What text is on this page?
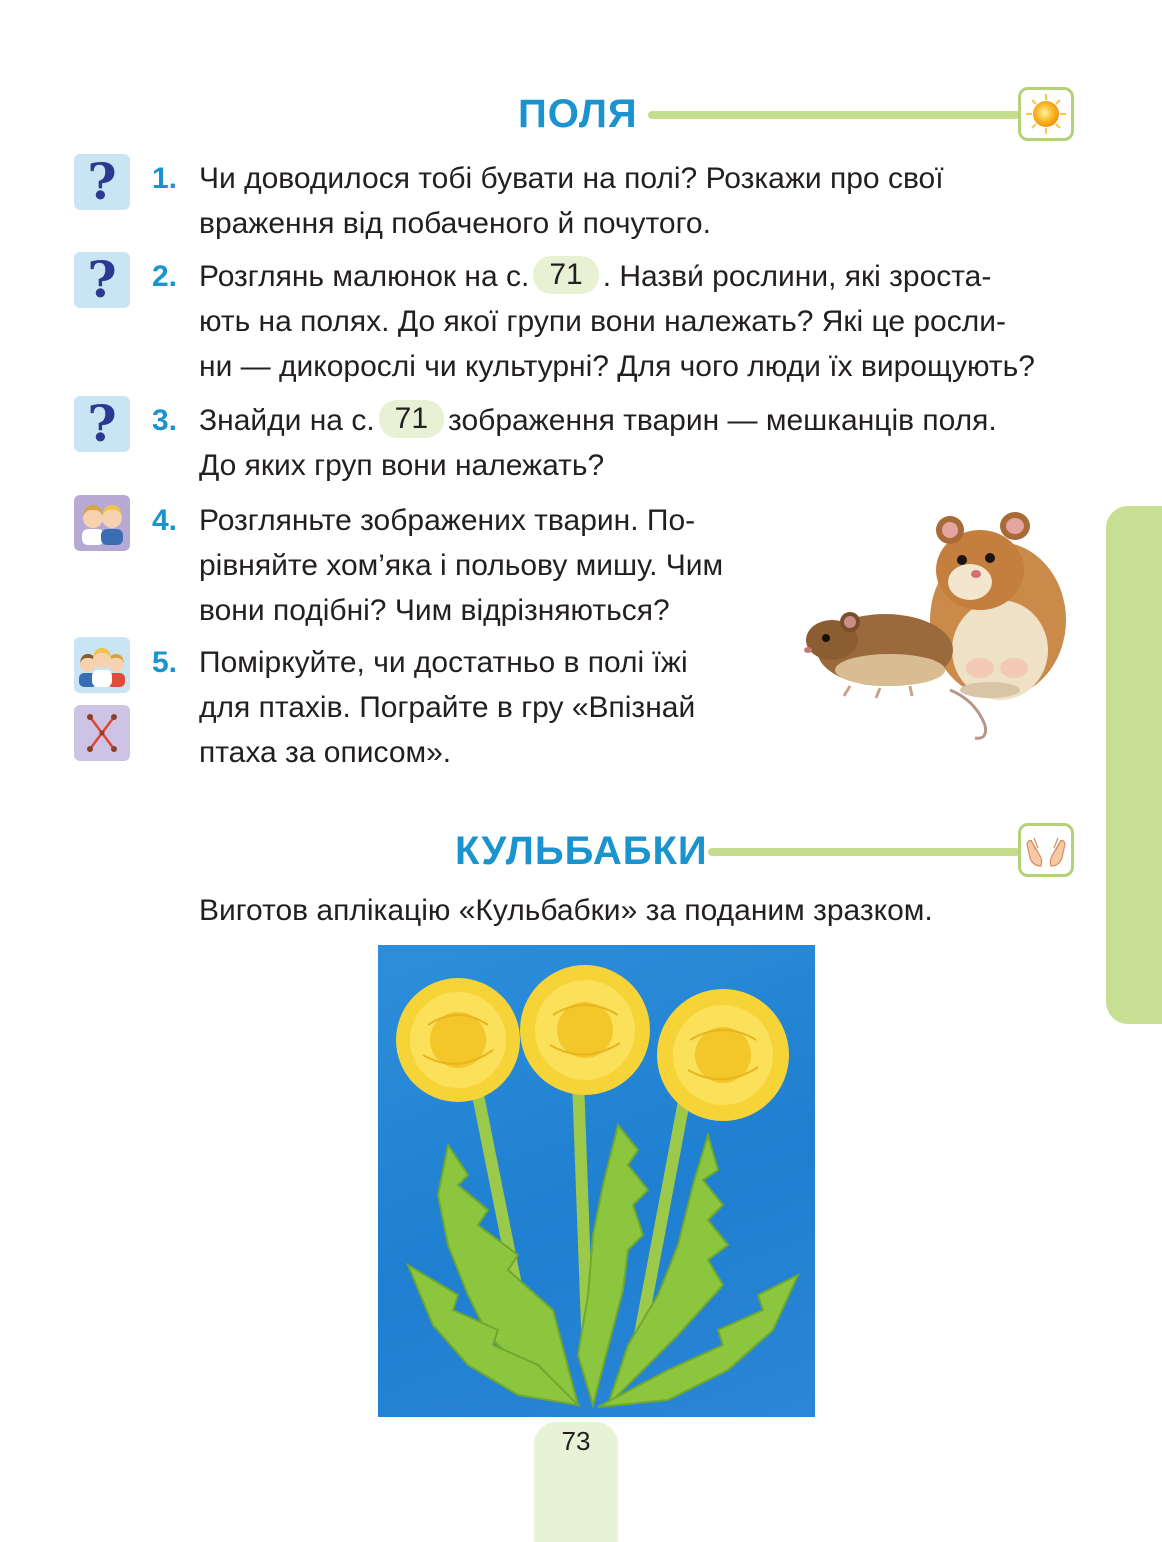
73
ПОЛЯ
?	1. Чи доводилося тобі бувати на полі? Розкажи про свої
враження від побаченого й почутого.
?	2. Розглянь малюнок на с. 71 . Назви́ рослини, які зроста-
ють на полях. До якої групи вони належать? Які це росли-
ни — дикорослі чи культурні? Для чого люди їх вирощують?
?	3. Знайди на с. 71 зображення тварин — мешканців поля.
До яких груп вони належать?
4. Розгляньте зображених тварин. По-
рівняйте хом’яка і польову мишу. Чим
вони подібні? Чим відрізняються?
5. Поміркуйте, чи достатньо в полі їжі
для птахів. Пограйте в гру «Впізнай
птаха за описом».
КУЛЬБАБКИ
Виготов аплікацію «Кульбабки» за поданим зразком.
